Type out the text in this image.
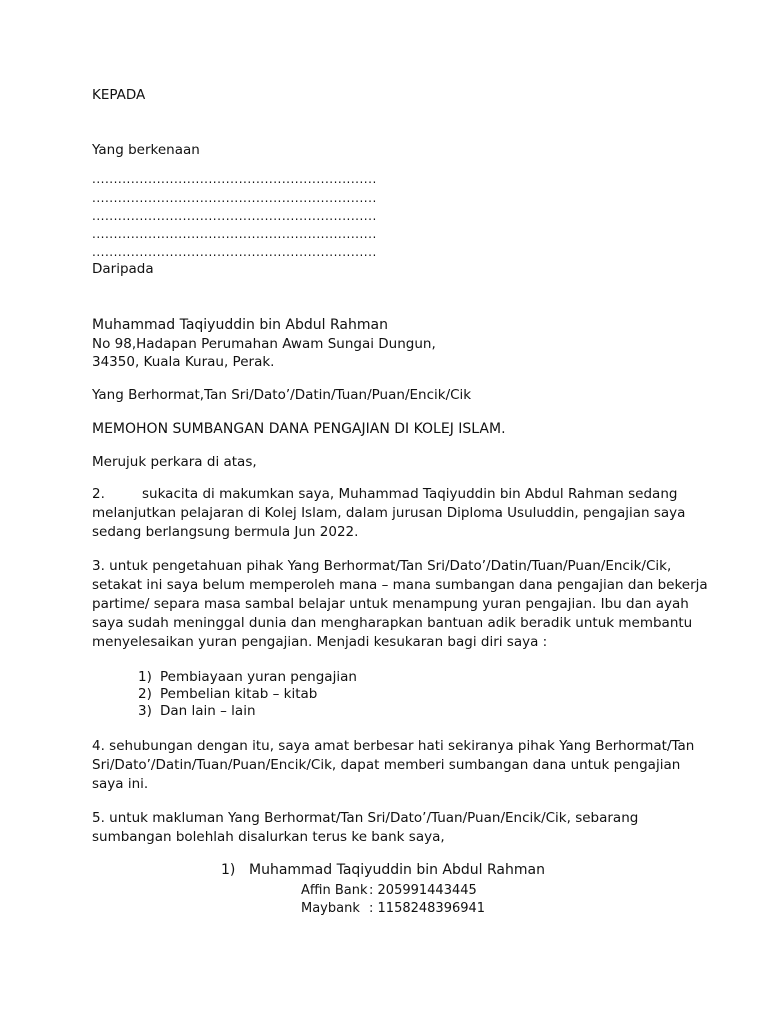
KEPADA
Yang berkenaan
..................................................................
..................................................................
..................................................................
..................................................................
..................................................................
Daripada
Muhammad Taqiyuddin bin Abdul Rahman
No 98,Hadapan Perumahan Awam Sungai Dungun,
34350, Kuala Kurau, Perak.
Yang Berhormat,Tan Sri/Dato’/Datin/Tuan/Puan/Encik/Cik
MEMOHON SUMBANGAN DANA PENGAJIAN DI KOLEJ ISLAM.
Merujuk perkara di atas,
2.	sukacita di makumkan saya, Muhammad Taqiyuddin bin Abdul Rahman sedang
melanjutkan pelajaran di Kolej Islam, dalam jurusan Diploma Usuluddin, pengajian saya
sedang berlangsung bermula Jun 2022.
3. untuk pengetahuan pihak Yang Berhormat/Tan Sri/Dato’/Datin/Tuan/Puan/Encik/Cik,
setakat ini saya belum memperoleh mana – mana sumbangan dana pengajian dan bekerja
partime/ separa masa sambal belajar untuk menampung yuran pengajian. Ibu dan ayah
saya sudah meninggal dunia dan mengharapkan bantuan adik beradik untuk membantu
menyelesaikan yuran pengajian. Menjadi kesukaran bagi diri saya :
1) Pembiayaan yuran pengajian
2) Pembelian kitab – kitab
3) Dan lain – lain
4. sehubungan dengan itu, saya amat berbesar hati sekiranya pihak Yang Berhormat/Tan
Sri/Dato’/Datin/Tuan/Puan/Encik/Cik, dapat memberi sumbangan dana untuk pengajian
saya ini.
5. untuk makluman Yang Berhormat/Tan Sri/Dato’/Tuan/Puan/Encik/Cik, sebarang
sumbangan bolehlah disalurkan terus ke bank saya,
1) Muhammad Taqiyuddin bin Abdul Rahman
Affin Bank : 205991443445
Maybank : 1158248396941
